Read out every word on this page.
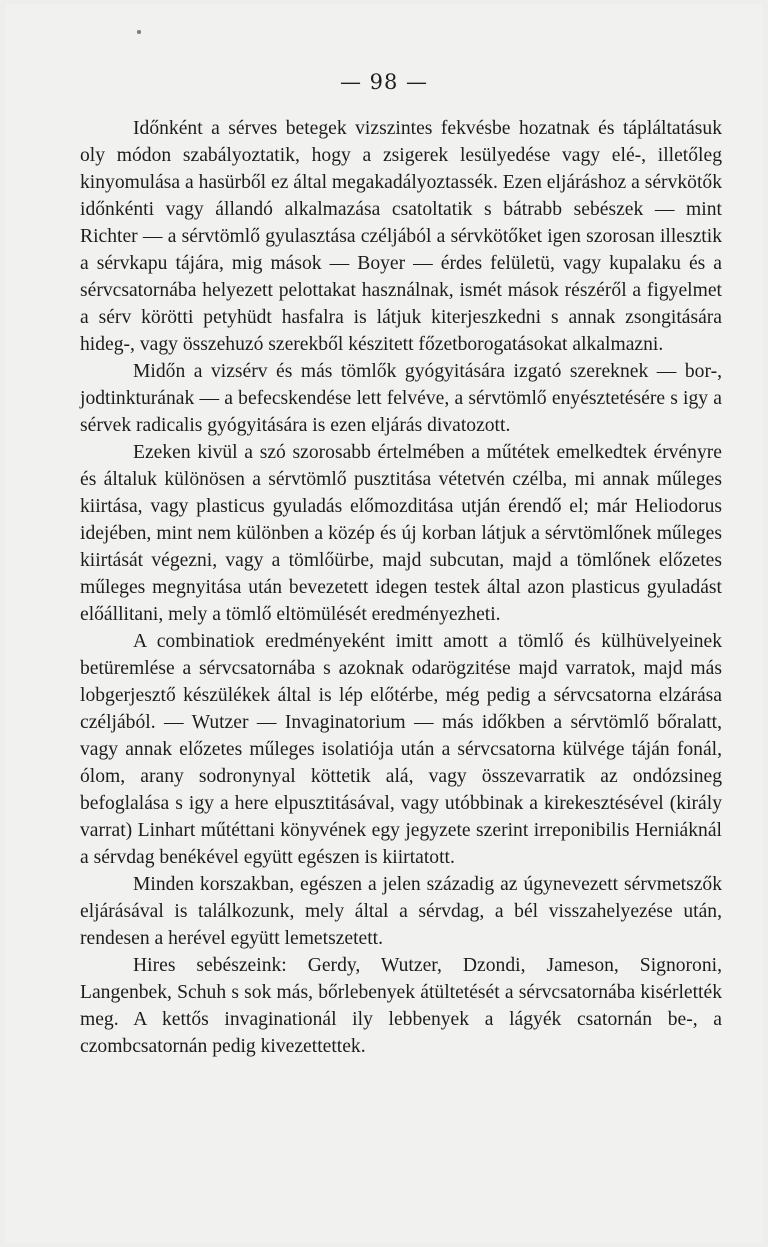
— 98 —

Időnként a sérves betegek vizszintes fekvésbe hozatnak és tápláltatásuk oly módon szabályoztatik, hogy a zsigerek lesülyedése vagy elé-, illetőleg kinyomulása a hasürből ez által megakadályoztassék. Ezen eljáráshoz a sérvkötők időnkénti vagy állandó alkalmazása csatoltatik s bátrabb sebészek — mint Richter — a sérvtömlő gyulasztása czéljából a sérvkötőket igen szorosan illesztik a sérvkapu tájára, mig mások — Boyer — érdes felületü, vagy kupalaku és a sérvcsatornába helyezett pelottakat használnak, ismét mások részéről a figyelmet a sérv körötti petyhüdt hasfalra is látjuk kiterjeszkedni s annak zsongitására hideg-, vagy összehuzó szerekből készitett főzetborogatásokat alkalmazni.

Midőn a vizsérv és más tömlők gyógyitására izgató szereknek — bor-, jodtinkturának — a befecskendése lett felvéve, a sérvtömlő enyésztetésére s igy a sérvek radicalis gyógyitására is ezen eljárás divatozott.

Ezeken kivül a szó szorosabb értelmében a műtétek emelkedtek érvényre és általuk különösen a sérvtömlő pusztitása vétetvén czélba, mi annak műleges kiirtása, vagy plasticus gyuladás előmozditása utján érendő el; már Heliodorus idejében, mint nem különben a közép és új korban látjuk a sérvtömlőnek műleges kiirtását végezni, vagy a tömlőürbe, majd subcutan, majd a tömlőnek előzetes műleges megnyitása után bevezetett idegen testek által azon plasticus gyuladást előállitani, mely a tömlő eltömülését eredményezheti.

A combinatiok eredményeként imitt amott a tömlő és külhüvelyeinek betüremlése a sérvcsatornába s azoknak odarögzitése majd varratok, majd más lobgerjesztő készülékek által is lép előtérbe, még pedig a sérvcsatorna elzárása czéljából. — Wutzer — Invaginatorium — más időkben a sérvtömlő bőralatt, vagy annak előzetes műleges isolatiója után a sérvcsatorna külvége táján fonál, ólom, arany sodronynyal köttetik alá, vagy összevarratik az ondózsineg befoglalása s igy a here elpusztitásával, vagy utóbbinak a kirekesztésével (király varrat) Linhart műtéttani könyvének egy jegyzete szerint irreponibilis Herniáknál a sérvdag benékével együtt egészen is kiirtatott.

Minden korszakban, egészen a jelen századig az úgynevezett sérvmetszők eljárásával is találkozunk, mely által a sérvdag, a bél visszahelyezése után, rendesen a herével együtt lemetszetett.

Hires sebészeink: Gerdy, Wutzer, Dzondi, Jameson, Signoroni, Langenbek, Schuh s sok más, bőrlebenyek átültetését a sérvcsatornába kisérlették meg. A kettős invaginationál ily lebbenyek a lágyék csatornán be-, a czombcsatornán pedig kivezettettek.
